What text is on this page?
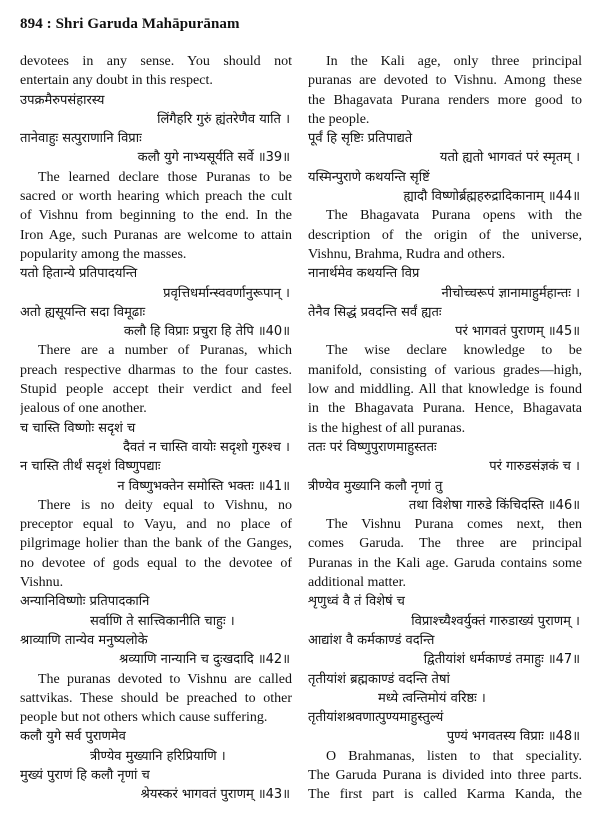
894 : Shri Garuda Mahāpurānam
devotees in any sense. You should not
entertain any doubt in this respect.
उपक्रमैरुपसंहारस्य
लिंगैहरि गुरुं ह्यंतरेणैव याति ।
तानेवाहुः सत्पुराणानि विप्राः
कलौ युगे नाभ्यसूर्यति सर्वे ॥39॥
The learned declare those Puranas to be
sacred or worth hearing which preach the cult
of Vishnu from beginning to the end. In the
Iron Age, such Puranas are welcome to attain
popularity among the masses.
यतो हितान्ये प्रतिपादयन्ति
प्रवृत्तिधर्मान्स्ववर्णानुरूपान् ।
अतो ह्यसूयन्ति सदा विमूढाः
कलौ हि विप्राः प्रचुरा हि तेपि ॥40॥
There are a number of Puranas, which
preach respective dharmas to the four castes.
Stupid people accept their verdict and feel
jealous of one another.
च चास्ति विष्णोः सदृशं च
दैवतं न चास्ति वायोः सदृशो गुरुश्च ।
न चास्ति तीर्थं सदृशं विष्णुपद्याः
न विष्णुभक्तेन समोस्ति भक्तः ॥41॥
There is no deity equal to Vishnu, no
preceptor equal to Vayu, and no place of
pilgrimage holier than the bank of the Ganges,
no devotee of gods equal to the devotee of
Vishnu.
अन्यानिविष्णोः प्रतिपादकानि
सर्वाणि ते सात्त्विकानीति चाहुः ।
श्राव्याणि तान्येव मनुष्यलोके
श्रव्याणि नान्यानि च दुःखदादि ॥42॥
The puranas devoted to Vishnu are called
sattvikas. These should be preached to other
people but not others which cause suffering.
कलौ युगे सर्व पुराणमेव
त्रीण्येव मुख्यानि हरिप्रियाणि ।
मुख्यं पुराणं हि कलौ नृणां च
श्रेयस्करं भागवतं पुराणम् ॥43॥
In the Kali age, only three principal
puranas are devoted to Vishnu. Among these
the Bhagavata Purana renders more good to
the people.
पूर्वं हि सृष्टिः प्रतिपाद्यते
यतो ह्यतो भागवतं परं स्मृतम् ।
यस्मिन्पुराणे कथयन्ति सृष्टिं
ह्यादौ विष्णोर्ब्रह्महरुद्रादिकानाम् ॥44॥
The Bhagavata Purana opens with the
description of the origin of the universe,
Vishnu, Brahma, Rudra and others.
नानार्थमेव कथयन्ति विप्र
नीचोच्चरूपं ज्ञानामाहुर्महान्तः ।
तेनैव सिद्धं प्रवदन्ति सर्वं ह्यतः
परं भागवतं पुराणम् ॥45॥
The wise declare knowledge to be
manifold, consisting of various grades—high,
low and middling. All that knowledge is found
in the Bhagavata Purana. Hence, Bhagavata
is the highest of all puranas.
ततः परं विष्णुपुराणमाहुस्ततः
परं गारुडसंज्ञकं च ।
त्रीण्येव मुख्यानि कलौ नृणां तु
तथा विशेषा गारुडे किंचिदस्ति ॥46॥
The Vishnu Purana comes next, then
comes Garuda. The three are principal
Puranas in the Kali age. Garuda contains some
additional matter.
शृणुध्वं वै तं विशेषं च
विप्राश्च्यैश्वर्युक्तं गारुडाख्यं पुराणम् ।
आद्यांश वै कर्मकाण्डं वदन्ति
द्वितीयांशं धर्मकाण्डं तमाहुः ॥47॥
तृतीयांशं ब्रह्मकाण्डं वदन्ति तेषां
मध्ये त्वन्तिमोयं वरिष्ठः ।
तृतीयांशश्रवणात्पुण्यमाहुस्तुल्यं
पुण्यं भगवतस्य विप्राः ॥48॥
O Brahmanas, listen to that speciality.
The Garuda Purana is divided into three parts.
The first part is called Karma Kanda, the
